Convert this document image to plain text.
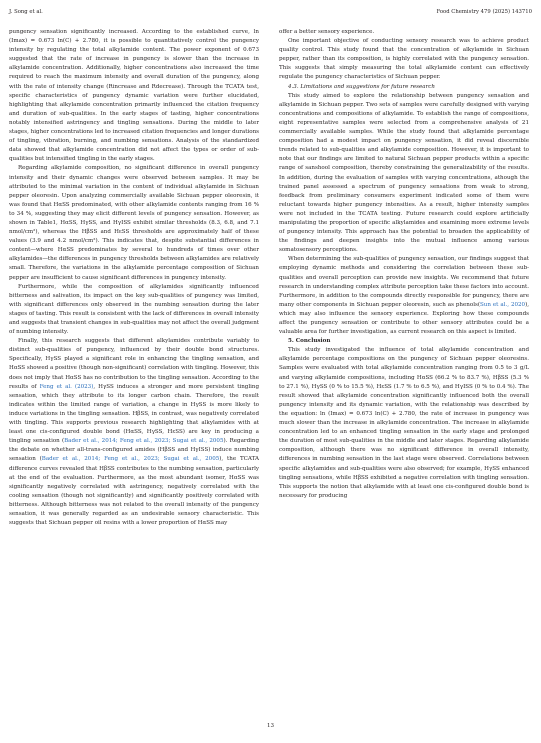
J. Song et al.	Food Chemistry 479 (2025) 143710

pungency sensation significantly increased. According to the established curve, ln (Imax) = 0.673 ln(C) + 2.780, it is possible to quantitatively control the pungency intensity by regulating the total alkylamide content. The power exponent of 0.673 suggested that the rate of increase in pungency is slower than the increase in alkylamide concentration. Additionally, higher concentrations also increased the time required to reach the maximum intensity and overall duration of the pungency, along with the rate of intensity change (Rincrease and Rdecrease). Through the TCATA test, specific characteristics of pungency dynamic variation were further elucidated, highlighting that alkylamide concentration primarily influenced the citation frequency and duration of sub-qualities. In the early stages of tasting, higher concentrations notably intensified astringency and tingling sensations. During the middle to later stages, higher concentrations led to increased citation frequencies and longer durations of tingling, vibration, burning, and numbing sensations. Analysis of the standardized data showed that alkylamide concentration did not affect the types or order of sub-qualities but intensified tingling in the early stages.

Regarding alkylamide composition, no significant difference in overall pungency intensity and their dynamic changes were observed between samples. It may be attributed to the minimal variation in the content of individual alkylamide in Sichuan pepper oleoresin. Upon analyzing commercially available Sichuan pepper oleoresin, it was found that HαSS predominated, with other alkylamide contents ranging from 16 % to 34 %, suggesting they may elicit different levels of pungency sensation. However, as shown in Table1, HαSS, HγSS, and HγISS exhibit similar thresholds (8.3, 6.8, and 7.1 nmol/cm²), whereas the HβSS and HεSS thresholds are approximately half of these values (3.9 and 4.2 nmol/cm²). This indicates that, despite substantial differences in content—where HαSS predominates by several to hundreds of times over other alkylamides—the differences in pungency thresholds between alkylamides are relatively small. Therefore, the variations in the alkylamide percentage composition of Sichuan pepper are insufficient to cause significant differences in pungency intensity.

Furthermore, while the composition of alkylamides significantly influenced bitterness and salivation, its impact on the key sub-qualities of pungency was limited, with significant differences only observed in the numbing sensation during the later stages of tasting. This result is consistent with the lack of differences in overall intensity and suggests that transient changes in sub-qualities may not affect the overall judgment of numbing intensity.

Finally, this research suggests that different alkylamides contribute variably to distinct sub-qualities of pungency, influenced by their double bond structures. Specifically, HγSS played a significant role in enhancing the tingling sensation, and HαSS showed a positive (though non-significant) correlation with tingling. However, this does not imply that HαSS has no contribution to the tingling sensation. According to the results of Feng et al. (2023), HγSS induces a stronger and more persistent tingling sensation, which they attribute to its longer carbon chain. Therefore, the result indicates within the limited range of variation, a change in HγSS is more likely to induce variations in the tingling sensation. HβSS, in contrast, was negatively correlated with tingling. This supports previous research highlighting that alkylamides with at least one cis-configured double bond (HαSS, HγSS, HεSS) are key in producing a tingling sensation (Bader et al., 2014; Feng et al., 2023; Sugai et al., 2005). Regarding the debate on whether all-trans-configured amides (HβSS and HγISS) induce numbing sensation (Bader et al., 2014; Feng et al., 2023; Sugai et al., 2005), the TCATA difference curves revealed that HβSS contributes to the numbing sensation, particularly at the end of the evaluation. Furthermore, as the most abundant isomer, HαSS was significantly negatively correlated with astringency, negatively correlated with the cooling sensation (though not significantly) and significantly positively correlated with bitterness. Although bitterness was not related to the overall intensity of the pungency sensation, it was generally regarded as an undesirable sensory characteristic. This suggests that Sichuan pepper oil resins with a lower proportion of HαSS may

offer a better sensory experience.

One important objective of conducting sensory research was to achieve product quality control. This study found that the concentration of alkylamide in Sichuan pepper, rather than its composition, is highly correlated with the pungency sensation. This suggests that simply measuring the total alkylamide content can effectively regulate the pungency characteristics of Sichuan pepper.

4.3. Limitations and suggestions for future research

This study aimed to explore the relationship between pungency sensation and alkylamide in Sichuan pepper. Two sets of samples were carefully designed with varying concentrations and compositions of alkylamide. To establish the range of compositions, eight representative samples were selected from a comprehensive analysis of 21 commercially available samples. While the study found that alkylamide percentage composition had a modest impact on pungency sensation, it did reveal discernible trends related to sub-qualities and alkylamide composition. However, it is important to note that our findings are limited to natural Sichuan pepper products within a specific range of sanshool composition, thereby constraining the generalizability of the results. In addition, during the evaluation of samples with varying concentrations, athough the trained panel assessed a spectrum of pungency sensations from weak to strong, feedback from preliminary consumers experiment indicated some of them were reluctant towards higher pungency intensities. As a result, higher intensity samples were not included in the TCATA testing. Future research could explore artificially manipulating the proportion of specific alkylamides and examining more extreme levels of pungency intensity. This approach has the potential to broaden the applicability of the findings and deepen insights into the mutual influence among various somatosensory perceptions.

When determining the sub-qualities of pungency sensation, our findings suggest that employing dynamic methods and considering the correlation between these sub-qualities and overall perception can provide new insights. We recommend that future research in understanding complex attribute perception take these factors into account. Furthermore, in addition to the compounds directly responsible for pungency, there are many other components in Sichuan pepper oleoresin, such as phenols(Sun et al., 2020), which may also influence the sensory experience. Exploring how these compounds affect the pungency sensation or contribute to other sensory attributes could be a valuable area for further investigation, as current research on this aspect is limited.

5. Conclusion

This study investigated the influence of total alkylamide concentration and alkylamide percentage compositions on the pungency of Sichuan pepper oleoresins. Samples were evaluated with total alkylamide concentration ranging from 0.5 to 3 g/L and varying alkylamide compositions, including HαSS (66.2 % to 83.7 %), HβSS (5.3 % to 27.1 %), HγSS (0 % to 15.5 %), HεSS (1.7 % to 6.5 %), and HγISS (0 % to 0.4 %). The result showed that alkylamide concentration significantly influenced both the overall pungency intensity and its dynamic variation, with the relationship was described by the equation: ln (Imax) = 0.673 ln(C) + 2.780, the rate of increase in pungency was much slower than the increase in alkylamide concentration. The increase in alkylamide concentration led to an enhanced tingling sensation in the early stage and prolonged the duration of most sub-qualities in the middle and later stages. Regarding alkylamide composition, although there was no significant difference in overall intensity, differences in numbing sensation in the last stage were observed. Correlations between specific alkylamides and sub-qualities were also observed; for example, HγSS enhanced tingling sensations, while HβSS exhibited a negative correlation with tingling sensation. This supports the notion that alkylamide with at least one cis-configured double bond is necessary for producing

13
